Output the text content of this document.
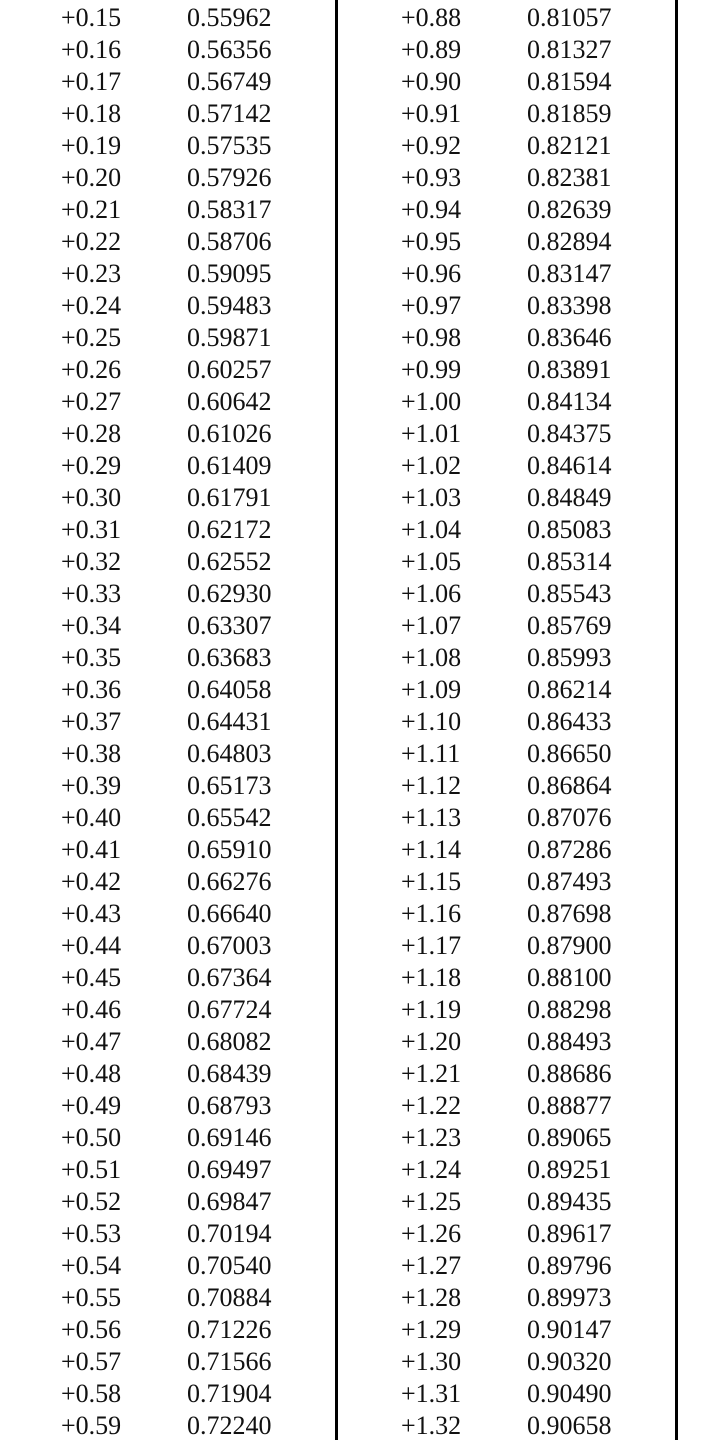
+0.15	0.55962	+0.88	0.81057
+0.16	0.56356	+0.89	0.81327
+0.17	0.56749	+0.90	0.81594
+0.18	0.57142	+0.91	0.81859
+0.19	0.57535	+0.92	0.82121
+0.20	0.57926	+0.93	0.82381
+0.21	0.58317	+0.94	0.82639
+0.22	0.58706	+0.95	0.82894
+0.23	0.59095	+0.96	0.83147
+0.24	0.59483	+0.97	0.83398
+0.25	0.59871	+0.98	0.83646
+0.26	0.60257	+0.99	0.83891
+0.27	0.60642	+1.00	0.84134
+0.28	0.61026	+1.01	0.84375
+0.29	0.61409	+1.02	0.84614
+0.30	0.61791	+1.03	0.84849
+0.31	0.62172	+1.04	0.85083
+0.32	0.62552	+1.05	0.85314
+0.33	0.62930	+1.06	0.85543
+0.34	0.63307	+1.07	0.85769
+0.35	0.63683	+1.08	0.85993
+0.36	0.64058	+1.09	0.86214
+0.37	0.64431	+1.10	0.86433
+0.38	0.64803	+1.11	0.86650
+0.39	0.65173	+1.12	0.86864
+0.40	0.65542	+1.13	0.87076
+0.41	0.65910	+1.14	0.87286
+0.42	0.66276	+1.15	0.87493
+0.43	0.66640	+1.16	0.87698
+0.44	0.67003	+1.17	0.87900
+0.45	0.67364	+1.18	0.88100
+0.46	0.67724	+1.19	0.88298
+0.47	0.68082	+1.20	0.88493
+0.48	0.68439	+1.21	0.88686
+0.49	0.68793	+1.22	0.88877
+0.50	0.69146	+1.23	0.89065
+0.51	0.69497	+1.24	0.89251
+0.52	0.69847	+1.25	0.89435
+0.53	0.70194	+1.26	0.89617
+0.54	0.70540	+1.27	0.89796
+0.55	0.70884	+1.28	0.89973
+0.56	0.71226	+1.29	0.90147
+0.57	0.71566	+1.30	0.90320
+0.58	0.71904	+1.31	0.90490
+0.59	0.72240	+1.32	0.90658
